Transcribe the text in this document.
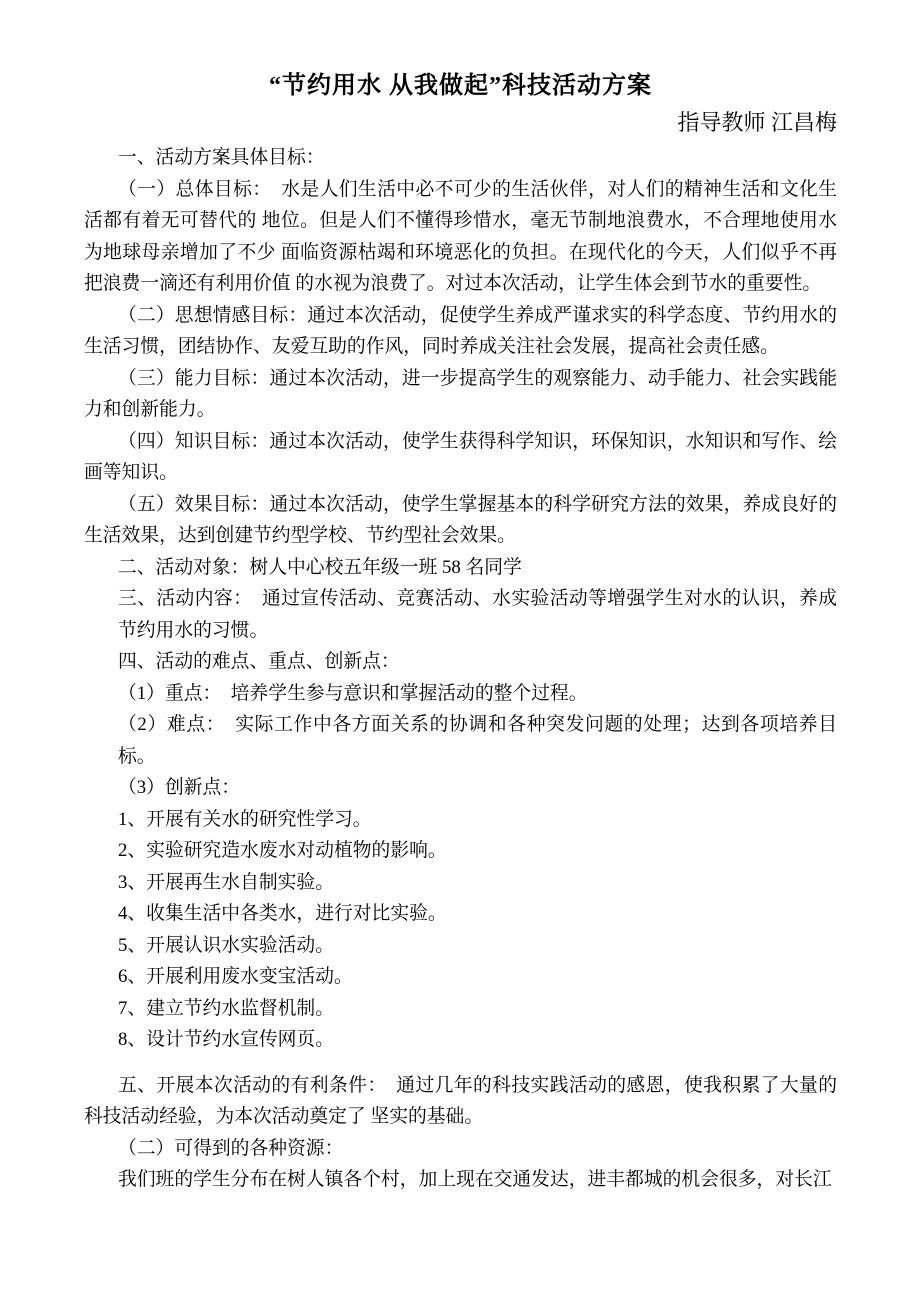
“节约用水 从我做起”科技活动方案

指导教师 江昌梅

一、活动方案具体目标：

（一）总体目标：　水是人们生活中必不可少的生活伙伴，对人们的精神生活和文化生活都有着无可替代的 地位。但是人们不懂得珍惜水，毫无节制地浪费水，不合理地使用水为地球母亲增加了不少 面临资源枯竭和环境恶化的负担。在现代化的今天，人们似乎不再把浪费一滴还有利用价值 的水视为浪费了。对过本次活动，让学生体会到节水的重要性。

（二）思想情感目标：通过本次活动，促使学生养成严谨求实的科学态度、节约用水的生活习惯，团结协作、友爱互助的作风，同时养成关注社会发展，提高社会责任感。

（三）能力目标：通过本次活动，进一步提高学生的观察能力、动手能力、社会实践能力和创新能力。

（四）知识目标：通过本次活动，使学生获得科学知识，环保知识，水知识和写作、绘画等知识。

（五）效果目标：通过本次活动，使学生掌握基本的科学研究方法的效果，养成良好的生活效果，达到创建节约型学校、节约型社会效果。

二、活动对象：树人中心校五年级一班 58 名同学

三、活动内容：　通过宣传活动、竞赛活动、水实验活动等增强学生对水的认识，养成节约用水的习惯。

四、活动的难点、重点、创新点：

（1）重点：　培养学生参与意识和掌握活动的整个过程。

（2）难点：　实际工作中各方面关系的协调和各种突发问题的处理；达到各项培养目标。

（3）创新点：

1、开展有关水的研究性学习。

2、实验研究造水废水对动植物的影响。

3、开展再生水自制实验。

4、收集生活中各类水，进行对比实验。

5、开展认识水实验活动。

6、开展利用废水变宝活动。

7、建立节约水监督机制。

8、设计节约水宣传网页。

五、开展本次活动的有利条件：　通过几年的科技实践活动的感恩，使我积累了大量的科技活动经验，为本次活动奠定了 坚实的基础。

（二）可得到的各种资源：

我们班的学生分布在树人镇各个村，加上现在交通发达，进丰都城的机会很多，对长江
